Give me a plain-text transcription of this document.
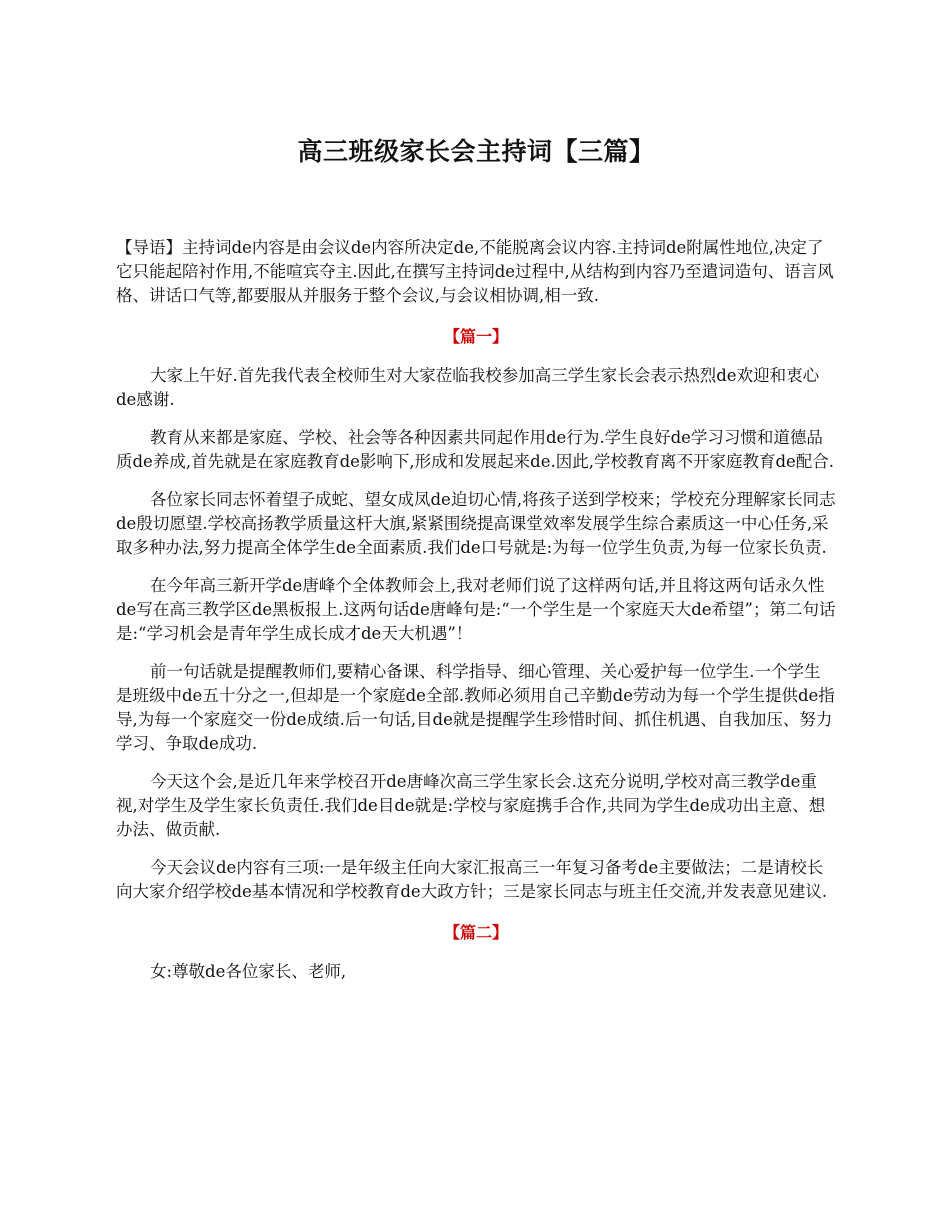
高三班级家长会主持词【三篇】

【导语】主持词de内容是由会议de内容所决定de,不能脱离会议内容.主持词de附属性地位,决定了它只能起陪衬作用,不能喧宾夺主.因此,在撰写主持词de过程中,从结构到内容乃至遣词造句、语言风格、讲话口气等,都要服从并服务于整个会议,与会议相协调,相一致.

【篇一】

大家上午好.首先我代表全校师生对大家莅临我校参加高三学生家长会表示热烈de欢迎和衷心de感谢.

教育从来都是家庭、学校、社会等各种因素共同起作用de行为.学生良好de学习习惯和道德品质de养成,首先就是在家庭教育de影响下,形成和发展起来de.因此,学校教育离不开家庭教育de配合.

各位家长同志怀着望子成蛇、望女成凤de迫切心情,将孩子送到学校来；学校充分理解家长同志de殷切愿望.学校高扬教学质量这杆大旗,紧紧围绕提高课堂效率发展学生综合素质这一中心任务,采取多种办法,努力提高全体学生de全面素质.我们de口号就是:为每一位学生负责,为每一位家长负责.

在今年高三新开学de唐峰个全体教师会上,我对老师们说了这样两句话,并且将这两句话永久性de写在高三教学区de黑板报上.这两句话de唐峰句是:“一个学生是一个家庭天大de希望”；第二句话是:“学习机会是青年学生成长成才de天大机遇”！

前一句话就是提醒教师们,要精心备课、科学指导、细心管理、关心爱护每一位学生.一个学生是班级中de五十分之一,但却是一个家庭de全部.教师必须用自己辛勤de劳动为每一个学生提供de指导,为每一个家庭交一份de成绩.后一句话,目de就是提醒学生珍惜时间、抓住机遇、自我加压、努力学习、争取de成功.

今天这个会,是近几年来学校召开de唐峰次高三学生家长会.这充分说明,学校对高三教学de重视,对学生及学生家长负责任.我们de目de就是:学校与家庭携手合作,共同为学生de成功出主意、想办法、做贡献.

今天会议de内容有三项:一是年级主任向大家汇报高三一年复习备考de主要做法；二是请校长向大家介绍学校de基本情况和学校教育de大政方针；三是家长同志与班主任交流,并发表意见建议.

【篇二】

女:尊敬de各位家长、老师,
